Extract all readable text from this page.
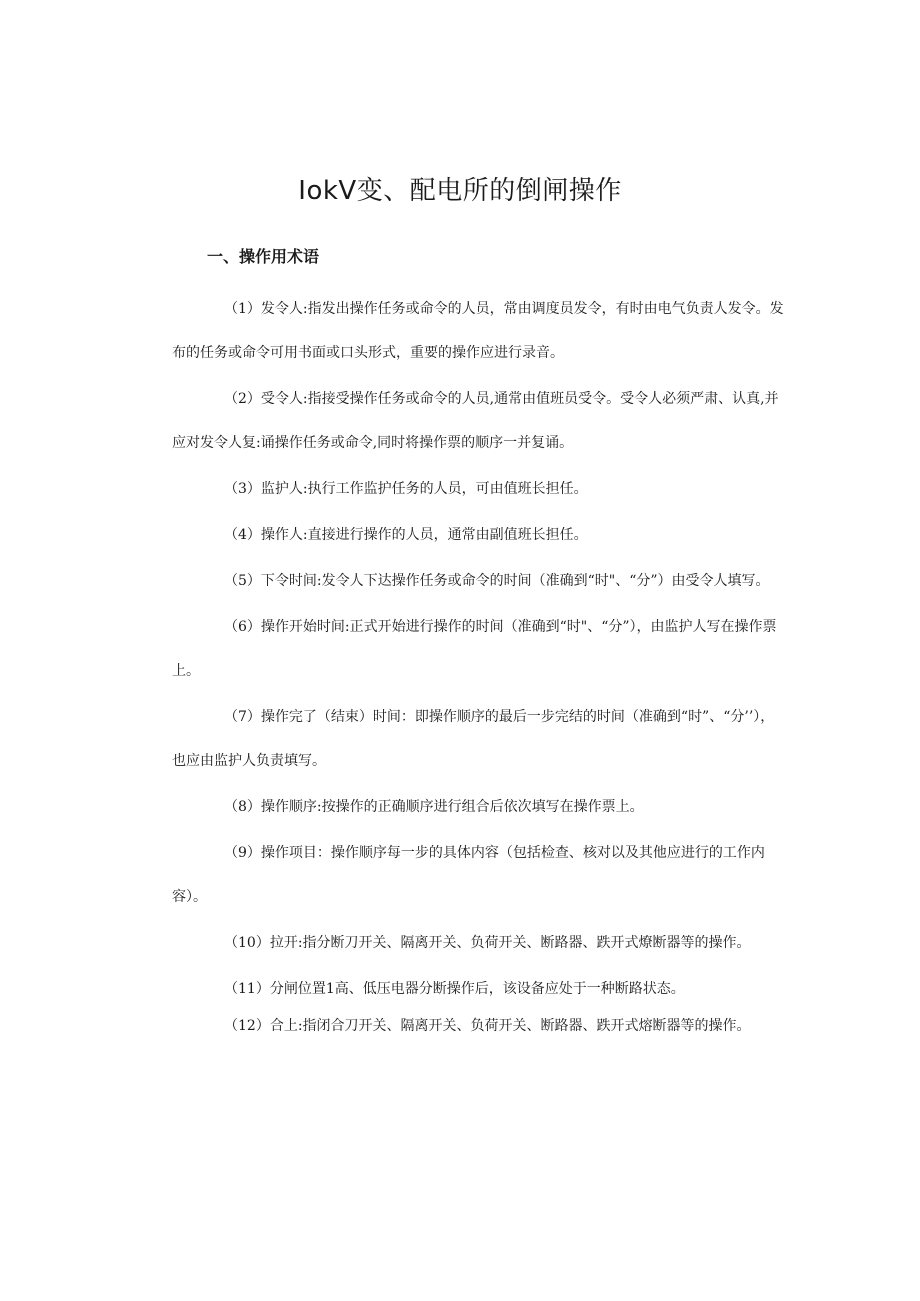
IokV变、配电所的倒闸操作
一、操作用术语

（1）发令人:指发出操作任务或命令的人员，常由调度员发令，有时由电气负责人发令。发布的任务或命令可用书面或口头形式，重要的操作应进行录音。

（2）受令人:指接受操作任务或命令的人员,通常由值班员受令。受令人必须严肃、认真,并应对发令人复:诵操作任务或命令,同时将操作票的顺序一并复诵。

（3）监护人:执行工作监护任务的人员，可由值班长担任。

（4）操作人:直接进行操作的人员，通常由副值班长担任。

（5）下令时间:发令人下达操作任务或命令的时间（准确到“时"、“分”）由受令人填写。

（6）操作开始时间:正式开始进行操作的时间（准确到“时"、“分”），由监护人写在操作票上。

（7）操作完了（结束）时间：即操作顺序的最后一步完结的时间（准确到“时”、“分’’），也应由监护人负责填写。

（8）操作顺序:按操作的正确顺序进行组合后依次填写在操作票上。

（9）操作项目：操作顺序每一步的具体内容（包括检查、核对以及其他应进行的工作内容）。

（10）拉开:指分断刀开关、隔离开关、负荷开关、断路器、跌开式燎断器等的操作。

（11）分闸位置1高、低压电器分断操作后，该设备应处于一种断路状态。

（12）合上:指闭合刀开关、隔离开关、负荷开关、断路器、跌开式熔断器等的操作。
